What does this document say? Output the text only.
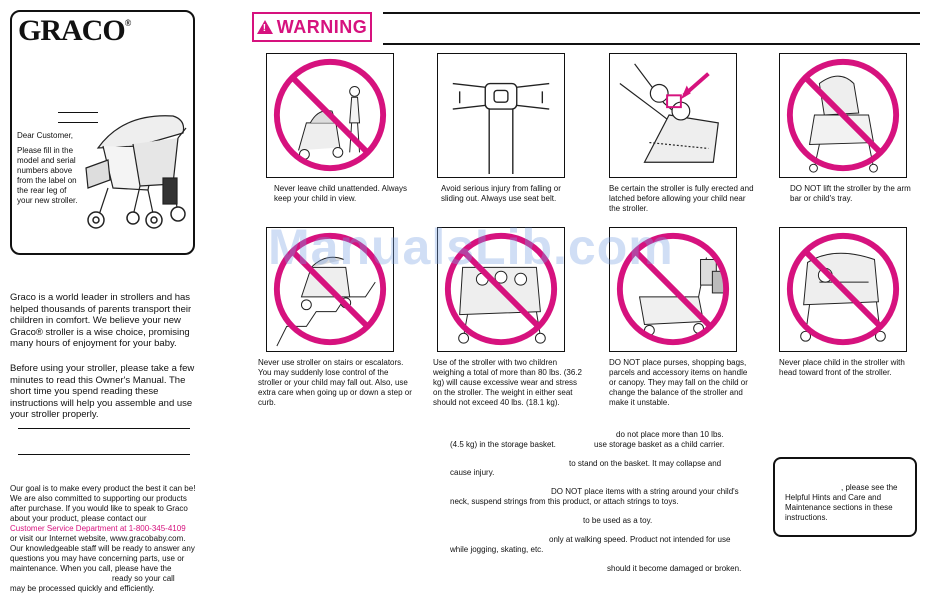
GRACO®
Dear Customer,
Please fill in the model and serial numbers above from the label on the rear leg of your new stroller.
Graco is a world leader in strollers and has helped thousands of parents transport their children in comfort. We believe your new Graco® stroller is a wise choice, promising many hours of enjoyment for your baby.
Before using your stroller, please take a few minutes to read this Owner's Manual. The short time you spend reading these instructions will help you assemble and use your stroller properly.
Our goal is to make every product the best it can be! We are also committed to supporting our products after purchase. If you would like to speak to Graco about your product, please contact our
Customer Service Department at 1-800-345-4109
or visit our Internet website, www.gracobaby.com. Our knowledgeable staff will be ready to answer any questions you may have concerning parts, use or maintenance. When you call, please have the
ready so your call
may be processed quickly and efficiently.
! WARNING
Never leave child unattended. Always keep your child in view.
Avoid serious injury from falling or sliding out. Always use seat belt.
Be certain the stroller is fully erected and latched before allowing your child near the stroller.
DO NOT lift the stroller by the arm bar or child's tray.
Never use stroller on stairs or escalators. You may suddenly lose control of the stroller or your child may fall out. Also, use extra care when going up or down a step or curb.
Use of the stroller with two children weighing a total of more than 80 lbs. (36.2 kg) will cause excessive wear and stress on the stroller. The weight in either seat should not exceed 40 lbs. (18.1 kg).
DO NOT place purses, shopping bags, parcels and accessory items on handle or canopy. They may fall on the child or change the balance of the stroller and make it unstable.
Never place child in the stroller with head toward front of the stroller.
do not place more than 10 lbs.
(4.5 kg) in the storage basket.	use storage basket as a child carrier.
to stand on the basket. It may collapse and
cause injury.
DO NOT place items with a string around your child's
neck, suspend strings from this product, or attach strings to toys.
to be used as a toy.
only at walking speed. Product not intended for use
while jogging, skating, etc.
should it become damaged or broken.
, please see the Helpful Hints and Care and Maintenance sections in these instructions.
ManualsLib.com
